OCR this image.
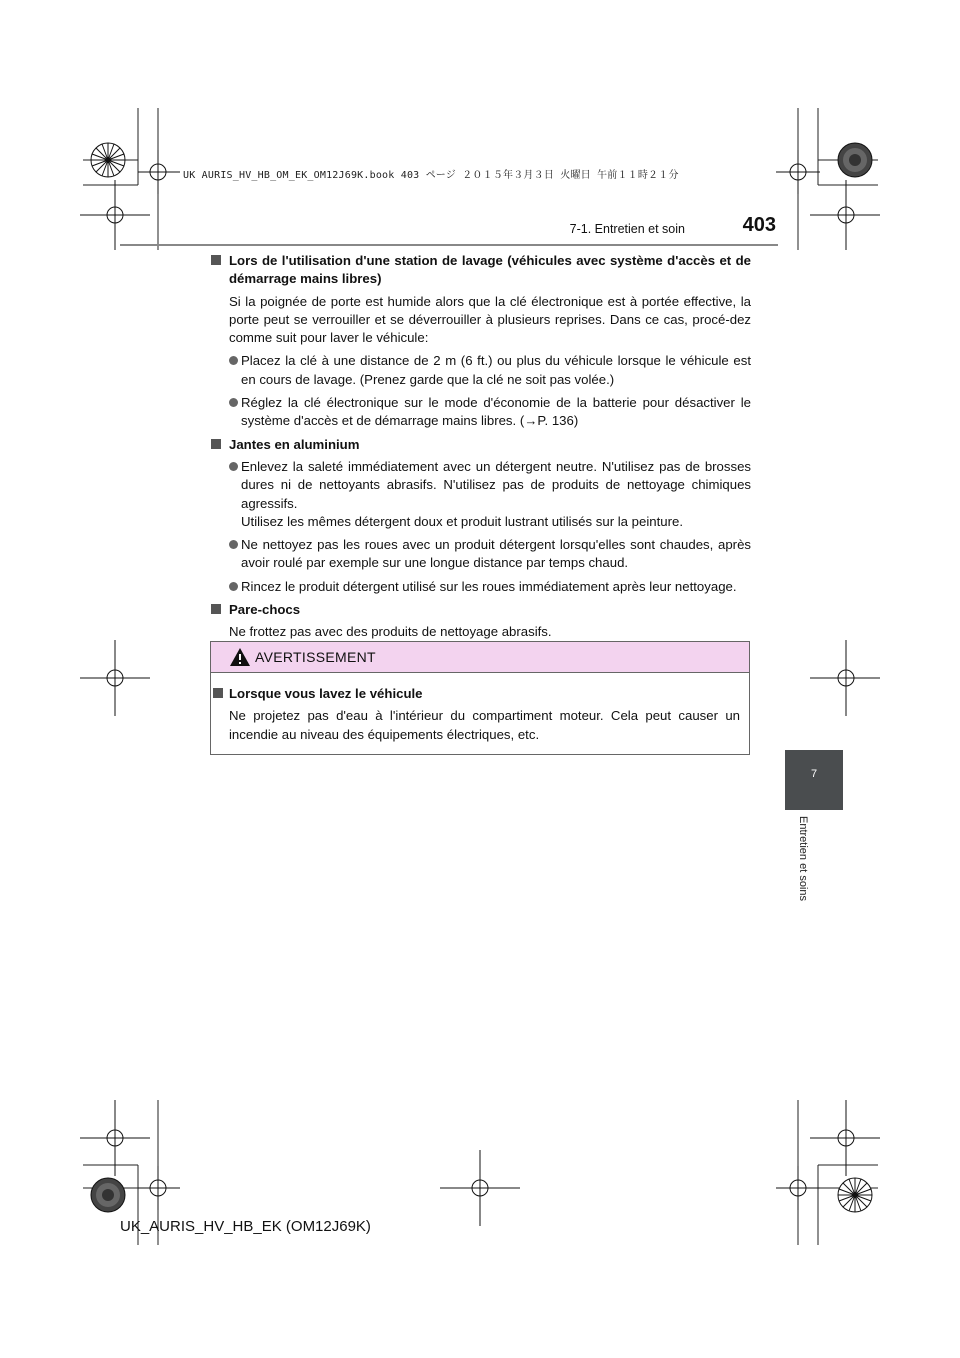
UK AURIS_HV_HB_OM_EK_OM12J69K.book 403 ページ ２０１５年３月３日 火曜日 午前１１時２１分
7-1. Entretien et soin	403
7
Entretien et soins
Lors de l'utilisation d'une station de lavage (véhicules avec système d'accès et de démarrage mains libres)
Si la poignée de porte est humide alors que la clé électronique est à portée effective, la porte peut se verrouiller et se déverrouiller à plusieurs reprises. Dans ce cas, procé-dez comme suit pour laver le véhicule:
Placez la clé à une distance de 2 m (6 ft.) ou plus du véhicule lorsque le véhicule est en cours de lavage. (Prenez garde que la clé ne soit pas volée.)
Réglez la clé électronique sur le mode d'économie de la batterie pour désactiver le système d'accès et de démarrage mains libres. (→P. 136)
Jantes en aluminium
Enlevez la saleté immédiatement avec un détergent neutre. N'utilisez pas de brosses dures ni de nettoyants abrasifs. N'utilisez pas de produits de nettoyage chimiques agressifs.
Utilisez les mêmes détergent doux et produit lustrant utilisés sur la peinture.
Ne nettoyez pas les roues avec un produit détergent lorsqu'elles sont chaudes, après avoir roulé par exemple sur une longue distance par temps chaud.
Rincez le produit détergent utilisé sur les roues immédiatement après leur nettoyage.
Pare-chocs
Ne frottez pas avec des produits de nettoyage abrasifs.
AVERTISSEMENT
Lorsque vous lavez le véhicule
Ne projetez pas d'eau à l'intérieur du compartiment moteur. Cela peut causer un incendie au niveau des équipements électriques, etc.
UK_AURIS_HV_HB_EK (OM12J69K)
